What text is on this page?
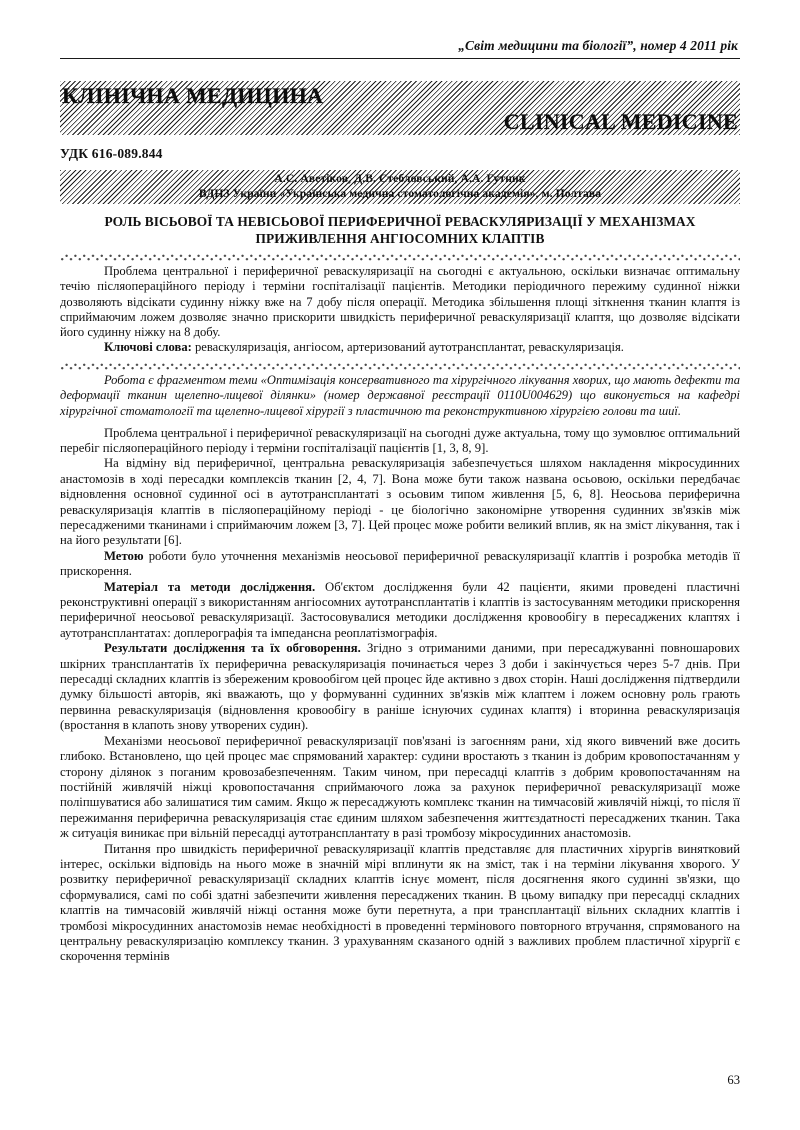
„Світ медицини та біології”, номер 4 2011 рік
КЛІНІЧНА МЕДИЦИНА
CLINICAL MEDICINE
УДК 616-089.844
А.С. Аветіков, Д.В. Стебловський, А.А. Гутник
ВДНЗ України «Українська медична стоматологічна академія», м. Полтава
РОЛЬ ВІСЬОВОЇ ТА НЕВІСЬОВОЇ ПЕРИФЕРИЧНОЇ РЕВАСКУЛЯРИЗАЦІЇ У МЕХАНІЗМАХ ПРИЖИВЛЕННЯ АНГІОСОМНИХ КЛАПТІВ

Проблема центральної і периферичної реваскуляризації на сьогодні є актуальною, оскільки визначає оптимальну течію післяопераційного періоду і терміни госпіталізації пацієнтів. Методики періодичного пережиму судинної ніжки дозволяють відсікати судинну ніжку вже на 7 добу після операції. Методика збільшення площі зіткнення тканин клаптя із сприймаючим ложем дозволяє значно прискорити швидкість периферичної реваскуляризації клаптя, що дозволяє відсікати його судинну ніжку на 8 добу.

Ключові слова: реваскуляризація, ангіосом, артеризований аутотрансплантат, реваскуляризація.

Робота є фрагментом теми «Оптимізація консервативного та хірургічного лікування хворих, що мають дефекти та деформації тканин щелепно-лицевої ділянки» (номер державної реєстрації 0110U004629) що виконується на кафедрі хірургічної стоматології та щелепно-лицевої хірургії з пластичною та реконструктивною хірургією голови та шиї.

Проблема центральної і периферичної реваскуляризації на сьогодні дуже актуальна, тому що зумовлює оптимальний перебіг післяопераційного періоду і терміни госпіталізації пацієнтів [1, 3, 8, 9].

На відміну від периферичної, центральна реваскуляризація забезпечується шляхом накладення мікросудинних анастомозів в ході пересадки комплексів тканин [2, 4, 7]. Вона може бути також названа осьовою, оскільки передбачає відновлення основної судинної осі в аутотрансплантаті з осьовим типом живлення [5, 6, 8]. Неосьова периферична реваскуляризація клаптів в післяопераційному періоді - це біологічно закономірне утворення судинних зв'язків між пересадженими тканинами і сприймаючим ложем [3, 7]. Цей процес може робити великий вплив, як на зміст лікування, так і на його результати [6].

Метою роботи було уточнення механізмів неосьової периферичної реваскуляризації клаптів і розробка методів її прискорення.

Матеріал та методи дослідження. Об'єктом дослідження були 42 пацієнти, якими проведені пластичні реконструктивні операції з використанням ангіосомних аутотрансплантатів і клаптів із застосуванням методики прискорення периферичної неосьової реваскуляризації. Застосовувалися методики дослідження кровообігу в пересаджених клаптях і аутотрансплантатах: доплерографія та імпедансна реоплатізмографія.

Результати дослідження та їх обговорення. Згідно з отриманими даними, при пересаджуванні повношарових шкірних трансплантатів їх периферична реваскуляризація починається через 3 доби і закінчується через 5-7 днів. При пересадці складних клаптів із збереженим кровообігом цей процес йде активно з двох сторін. Наші дослідження підтвердили думку більшості авторів, які вважають, що у формуванні судинних зв'язків між клаптем і ложем основну роль грають первинна реваскуляризація (відновлення кровообігу в раніше існуючих судинах клаптя) і вторинна реваскуляризація (вростання в клапоть знову утворених судин).

Механізми неосьової периферичної реваскуляризації пов'язані із загоєнням рани, хід якого вивчений вже досить глибоко. Встановлено, що цей процес має спрямований характер: судини вростають з тканин із добрим кровопостачанням у сторону ділянок з поганим кровозабезпеченням. Таким чином, при пересадці клаптів з добрим кровопостачанням на постійній живлячій ніжці кровопостачання сприймаючого ложа за рахунок периферичної реваскуляризації може поліпшуватися або залишатися тим самим. Якщо ж пересаджують комплекс тканин на тимчасовій живлячій ніжці, то після її пережимання периферична реваскуляризація стає єдиним шляхом забезпечення життєздатності пересаджених тканин. Така ж ситуація виникає при вільній пересадці аутотрансплантату в разі тромбозу мікросудинних анастомозів.

Питання про швидкість периферичної реваскуляризації клаптів представляє для пластичних хірургів винятковий інтерес, оскільки відповідь на нього може в значній мірі вплинути як на зміст, так і на терміни лікування хворого. У розвитку периферичної реваскуляризації складних клаптів існує момент, після досягнення якого судинні зв'язки, що сформувалися, самі по собі здатні забезпечити живлення пересаджених тканин. В цьому випадку при пересадці складних клаптів на тимчасовій живлячій ніжці остання може бути перетнута, а при трансплантації вільних складних клаптів і тромбозі мікросудинних анастомозів немає необхідності в проведенні термінового повторного втручання, спрямованого на центральну реваскуляризацію комплексу тканин. З урахуванням сказаного одній з важливих проблем пластичної хірургії є скорочення термінів

63
